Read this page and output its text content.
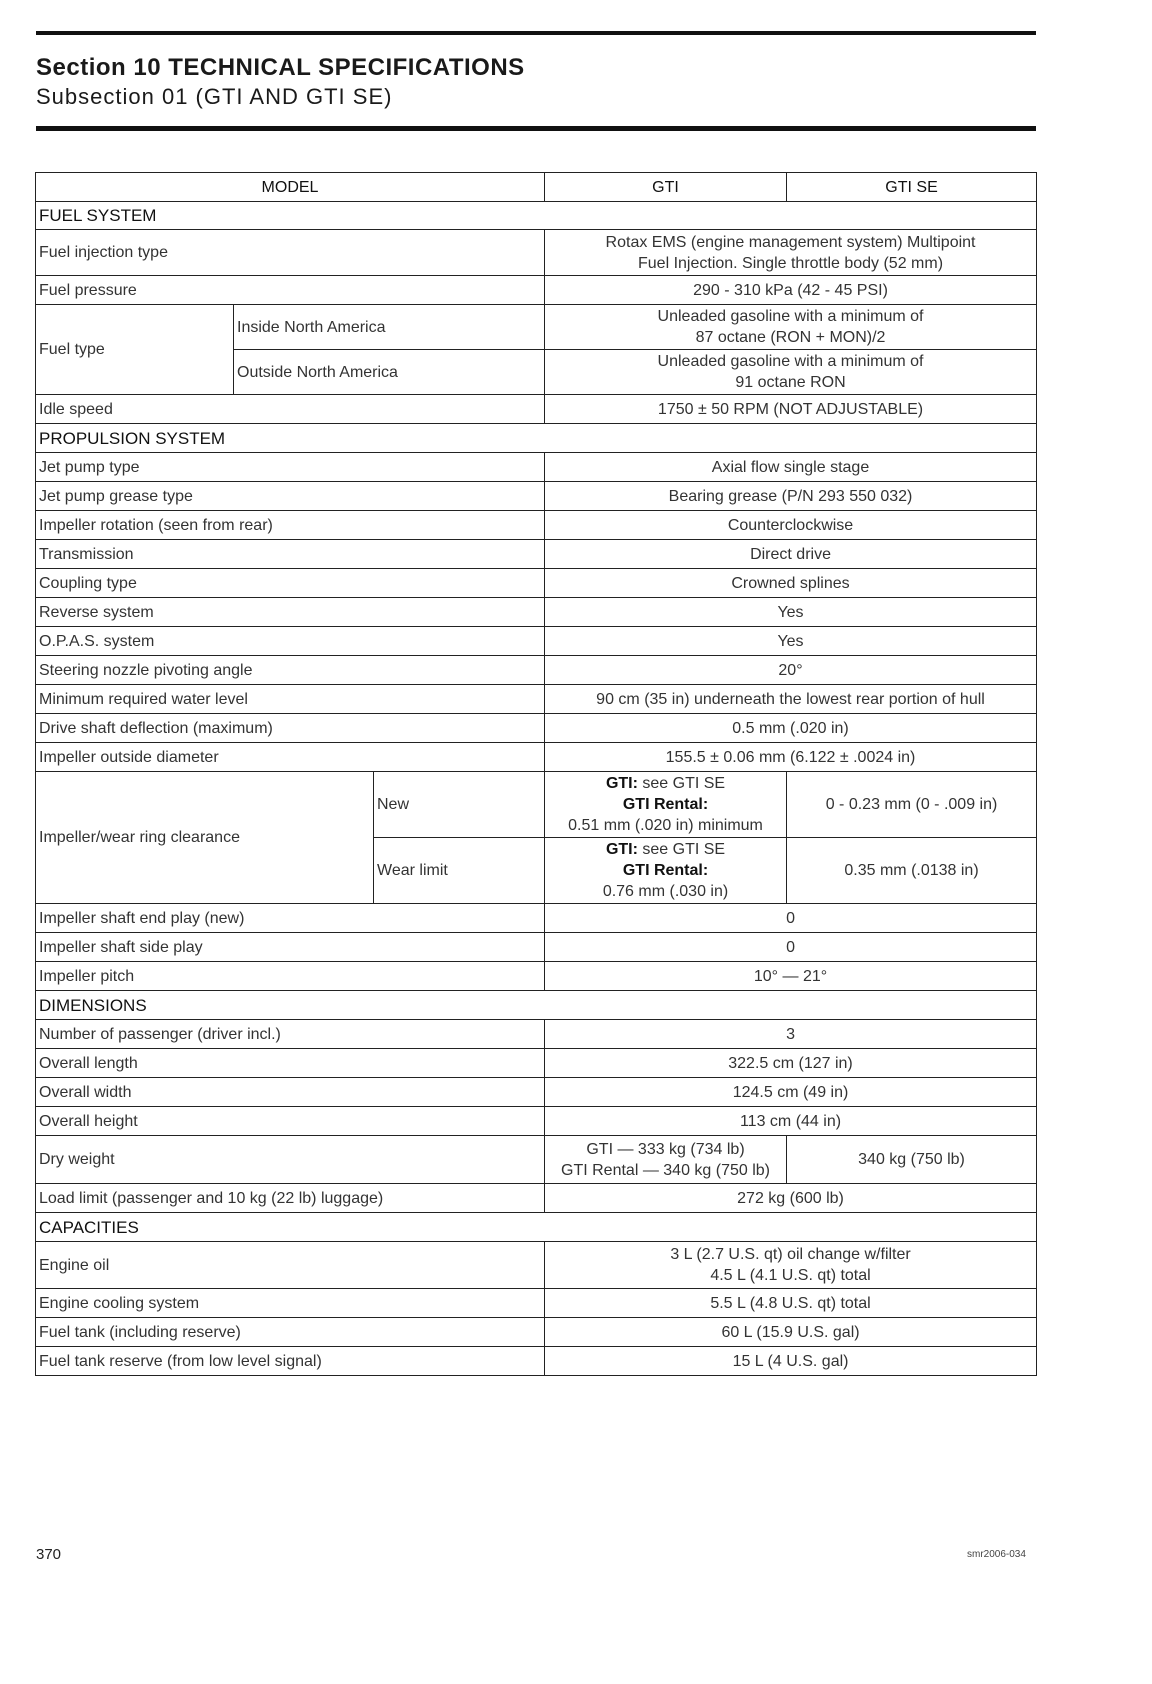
Section 10 TECHNICAL SPECIFICATIONS
Subsection 01 (GTI AND GTI SE)
MODEL			GTI	GTI SE
FUEL SYSTEM				
Fuel injection type			Rotax EMS (engine management system) Multipoint
Fuel Injection. Single throttle body (52 mm)	

Fuel pressure			290 - 310 kPa (42 - 45 PSI)	
Fuel type	Inside North America		Unleaded gasoline with a minimum of
87 octane (RON + MON)/2	

	Outside North America		Unleaded gasoline with a minimum of
91 octane RON	

Idle speed			1750 ± 50 RPM (NOT ADJUSTABLE)	
PROPULSION SYSTEM				
Jet pump type			Axial flow single stage	
Jet pump grease type			Bearing grease (P/N 293 550 032)	
Impeller rotation (seen from rear)			Counterclockwise	
Transmission			Direct drive	
Coupling type			Crowned splines	
Reverse system			Yes	
O.P.A.S. system			Yes	
Steering nozzle pivoting angle			20°	
Minimum required water level			90 cm (35 in) underneath the lowest rear portion of hull	
Drive shaft deflection (maximum)			0.5 mm (.020 in)	
Impeller outside diameter			155.5 ± 0.06 mm (6.122 ± .0024 in)	
Impeller/wear ring clearance		New	GTI: see GTI SE
GTI Rental:
0.51 mm (.020 in) minimum	0 - 0.23 mm (0 - .009 in)
		Wear limit	GTI: see GTI SE
GTI Rental:
0.76 mm (.030 in)	0.35 mm (.0138 in)
Impeller shaft end play (new)			0	
Impeller shaft side play			0	
Impeller pitch			10° — 21°	
DIMENSIONS				
Number of passenger (driver incl.)			3	
Overall length			322.5 cm (127 in)	
Overall width			124.5 cm (49 in)	
Overall height			113 cm (44 in)	
Dry weight			GTI — 333 kg (734 lb)
GTI Rental — 340 kg (750 lb)	340 kg (750 lb)
Load limit (passenger and 10 kg (22 lb) luggage)			272 kg (600 lb)	
CAPACITIES				
Engine oil			3 L (2.7 U.S. qt) oil change w/filter
4.5 L (4.1 U.S. qt) total	

Engine cooling system			5.5 L (4.8 U.S. qt) total	
Fuel tank (including reserve)			60 L (15.9 U.S. gal)	
Fuel tank reserve (from low level signal)			15 L (4 U.S. gal)	
370	smr2006-034
